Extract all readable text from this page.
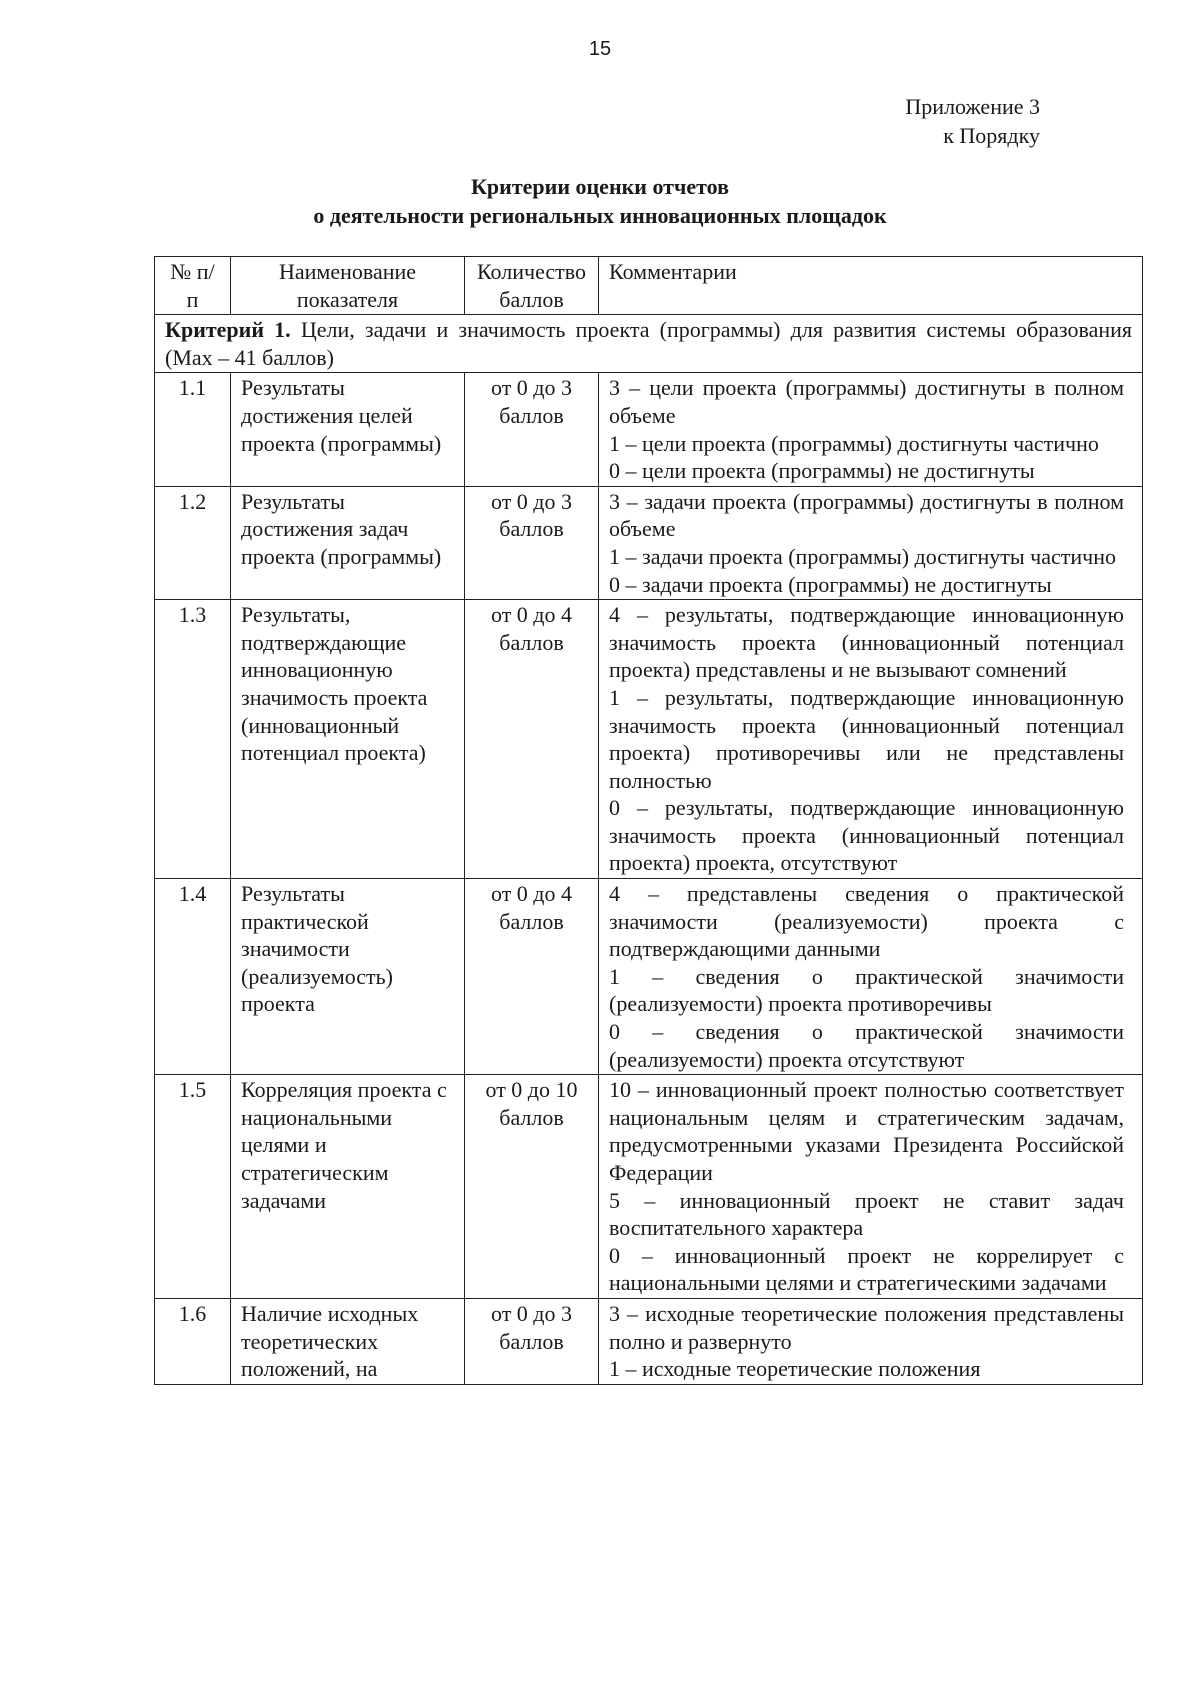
15
Приложение 3
к Порядку
Критерии оценки отчетов
о деятельности региональных инновационных площадок
№ п/п	Наименование показателя	Количество баллов	Комментарии
Критерий 1. Цели, задачи и значимость проекта (программы) для развития системы образования (Мах – 41 баллов)			
1.1	Результаты достижения целей проекта (программы)	от 0 до 3 баллов	3 – цели проекта (программы) достигнуты в полном объеме

1 – цели проекта (программы) достигнуты частично

0 – цели проекта (программы) не достигнуты

1.2	Результаты достижения задач проекта (программы)	от 0 до 3 баллов	3 – задачи проекта (программы) достигнуты в полном объеме

1 – задачи проекта (программы) достигнуты частично

0 – задачи проекта (программы) не достигнуты

1.3	Результаты, подтверждающие инновационную значимость проекта (инновационный потенциал проекта)	от 0 до 4 баллов	4 – результаты, подтверждающие инновационную значимость проекта (инновационный потенциал проекта) представлены и не вызывают сомнений

1 – результаты, подтверждающие инновационную значимость проекта (инновационный потенциал проекта) противоречивы или не представлены полностью

0 – результаты, подтверждающие инновационную значимость проекта (инновационный потенциал проекта) проекта, отсутствуют

1.4	Результаты практической значимости (реализуемость) проекта	от 0 до 4 баллов	4 – представлены сведения о практической значимости (реализуемости) проекта с подтверждающими данными

1 – сведения о практической значимости (реализуемости) проекта противоречивы

0 – сведения о практической значимости (реализуемости) проекта отсутствуют

1.5	Корреляция проекта с национальными целями и стратегическим задачами	от 0 до 10 баллов	10 – инновационный проект полностью соответствует национальным целям и стратегическим задачам, предусмотренными указами Президента Российской Федерации

5 – инновационный проект не ставит задач воспитательного характера

0 – инновационный проект не коррелирует с национальными целями и стратегическими задачами

1.6	Наличие исходных теоретических положений, на	от 0 до 3 баллов	3 – исходные теоретические положения представлены полно и развернуто

1 – исходные теоретические положения
